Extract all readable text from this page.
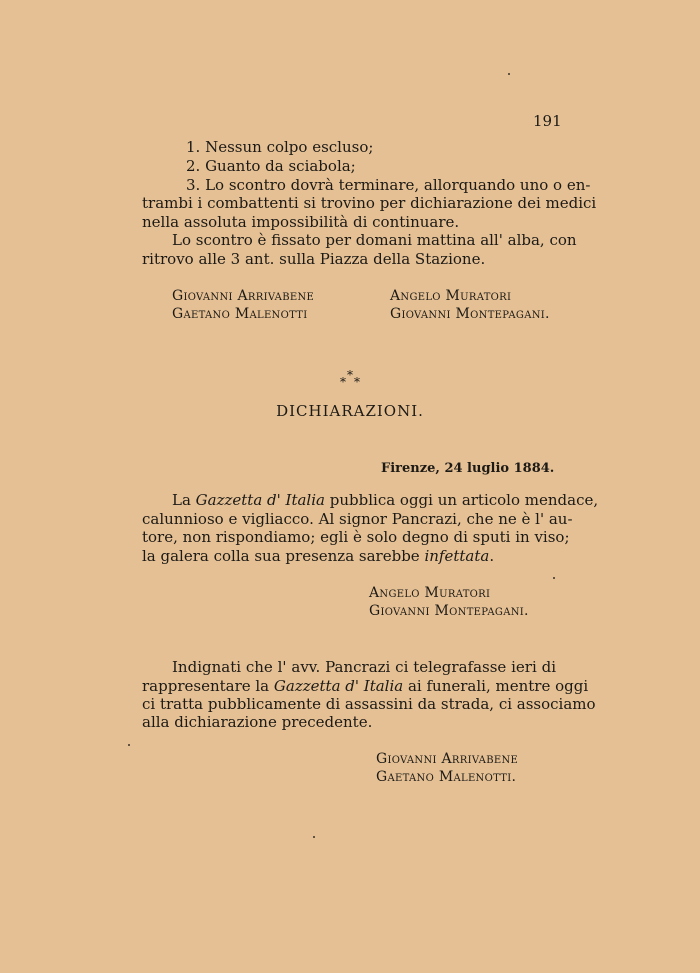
191
1. Nessun colpo escluso;
2. Guanto da sciabola;
3. Lo scontro dovrà terminare, allorquando uno o en-
trambi i combattenti si trovino per dichiarazione dei medici
nella assoluta impossibilità di continuare.
Lo scontro è fissato per domani mattina all' alba, con
ritrovo alle 3 ant. sulla Piazza della Stazione.
Giovanni Arrivabene
Gaetano Malenotti
Angelo Muratori
Giovanni Montepagani.
*
* *
DICHIARAZIONI.
Firenze, 24 luglio 1884.
La Gazzetta d' Italia pubblica oggi un articolo mendace,
calunnioso e vigliacco. Al signor Pancrazi, che ne è l' au-
tore, non rispondiamo; egli è solo degno di sputi in viso;
la galera colla sua presenza sarebbe infettata.
Angelo Muratori
Giovanni Montepagani.
Indignati che l' avv. Pancrazi ci telegrafasse ieri di
rappresentare la Gazzetta d' Italia ai funerali, mentre oggi
ci tratta pubblicamente di assassini da strada, ci associamo
alla dichiarazione precedente.
Giovanni Arrivabene
Gaetano Malenotti.
